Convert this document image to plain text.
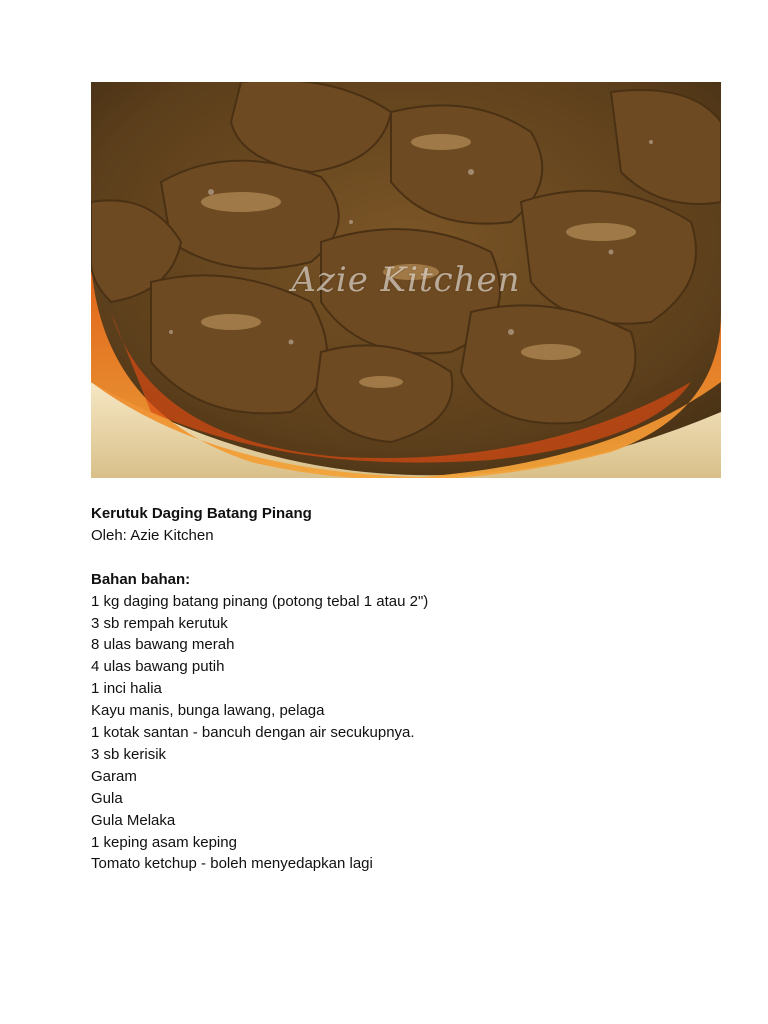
Azie Kitchen

Kerutuk Daging Batang Pinang

Oleh: Azie Kitchen

Bahan bahan:

1 kg daging batang pinang (potong tebal 1 atau 2")

3 sb rempah kerutuk

8 ulas bawang merah

4 ulas bawang putih

1 inci halia

Kayu manis, bunga lawang, pelaga

1 kotak santan - bancuh dengan air secukupnya.

3 sb kerisik

Garam

Gula

Gula Melaka

1 keping asam keping

Tomato ketchup - boleh menyedapkan lagi
